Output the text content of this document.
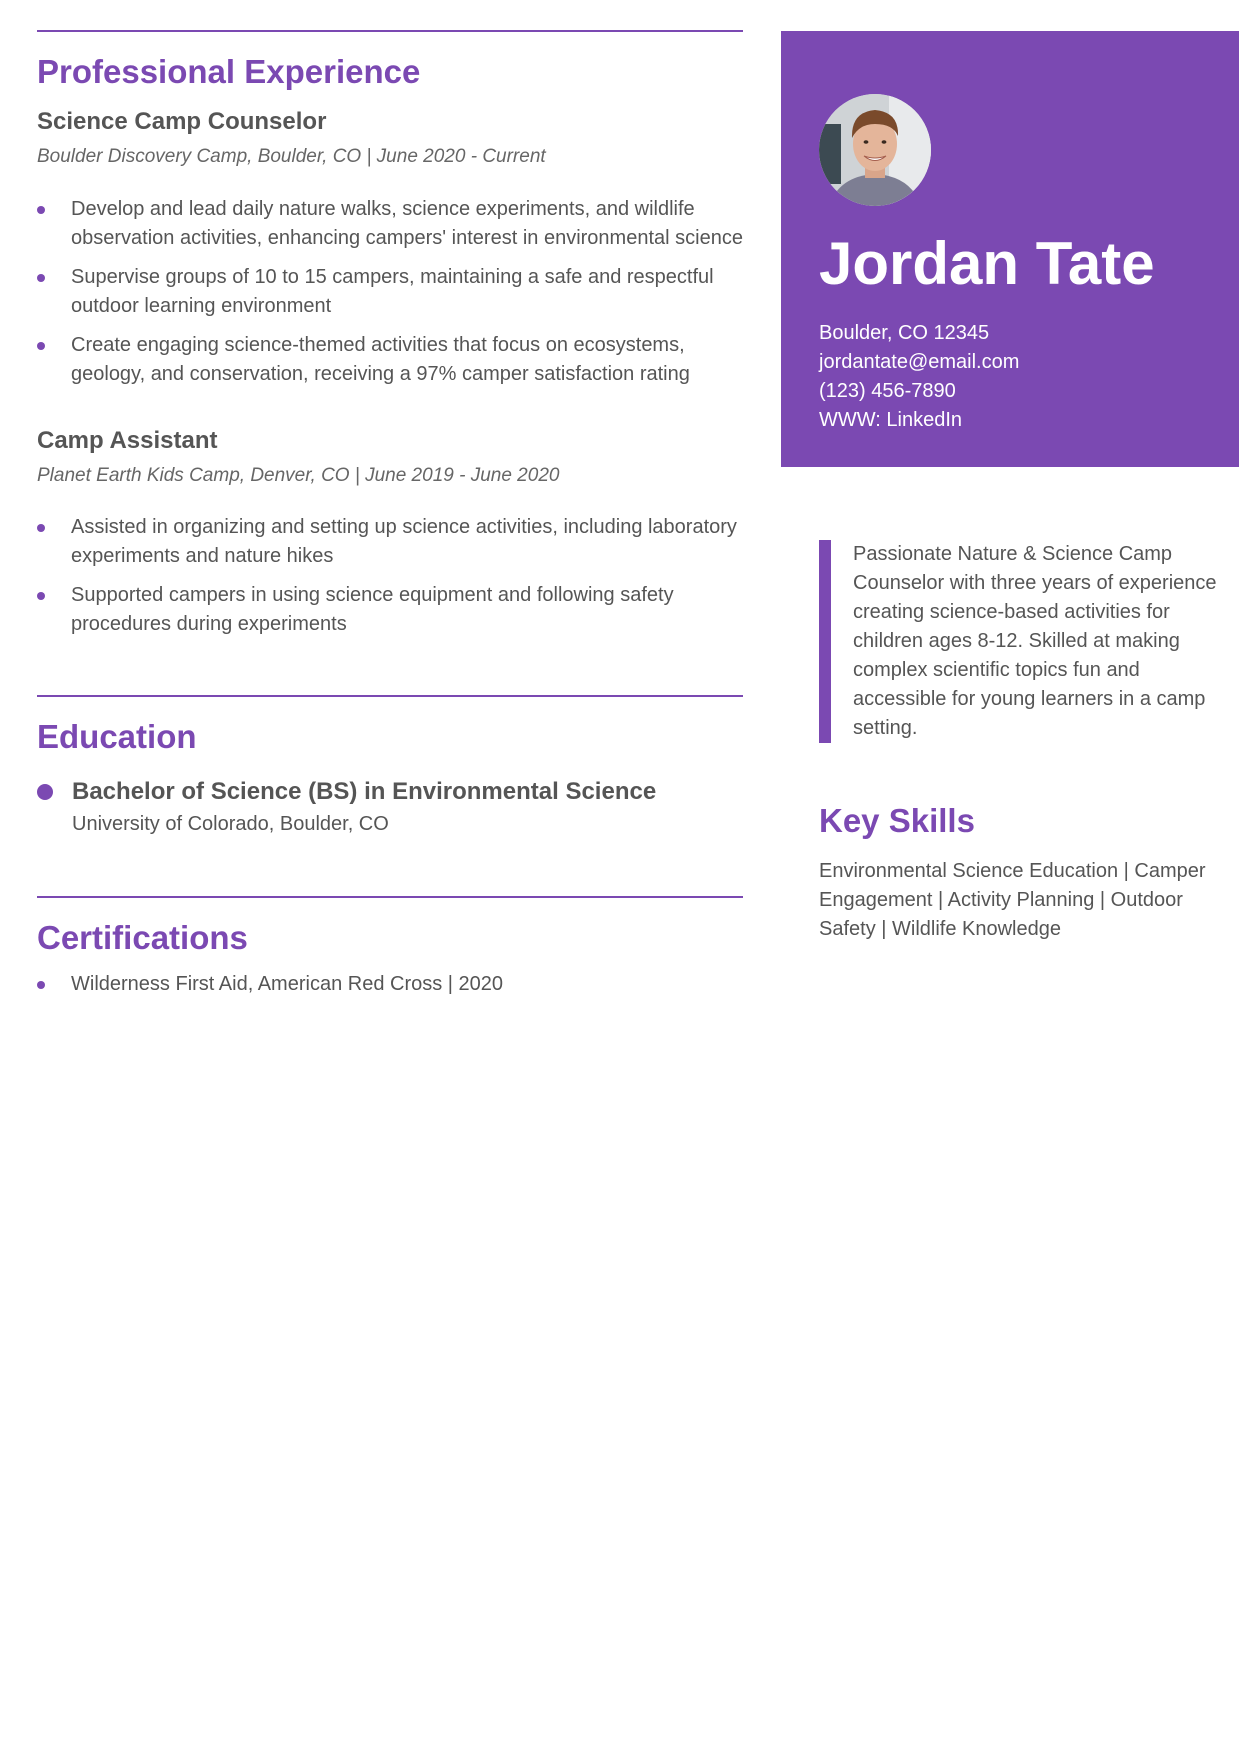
Professional Experience
Science Camp Counselor
Boulder Discovery Camp, Boulder, CO | June 2020 - Current
Develop and lead daily nature walks, science experiments, and wildlife observation activities, enhancing campers' interest in environmental science
Supervise groups of 10 to 15 campers, maintaining a safe and respectful outdoor learning environment
Create engaging science-themed activities that focus on ecosystems, geology, and conservation, receiving a 97% camper satisfaction rating
Camp Assistant
Planet Earth Kids Camp, Denver, CO | June 2019 - June 2020
Assisted in organizing and setting up science activities, including laboratory experiments and nature hikes
Supported campers in using science equipment and following safety procedures during experiments
Education
Bachelor of Science (BS) in Environmental Science
University of Colorado, Boulder, CO
Certifications
Wilderness First Aid, American Red Cross | 2020
Jordan Tate
Boulder, CO 12345
jordantate@email.com
(123) 456-7890
WWW: LinkedIn
Passionate Nature & Science Camp Counselor with three years of experience creating science-based activities for children ages 8-12. Skilled at making complex scientific topics fun and accessible for young learners in a camp setting.
Key Skills
Environmental Science Education | Camper Engagement | Activity Planning | Outdoor Safety | Wildlife Knowledge
